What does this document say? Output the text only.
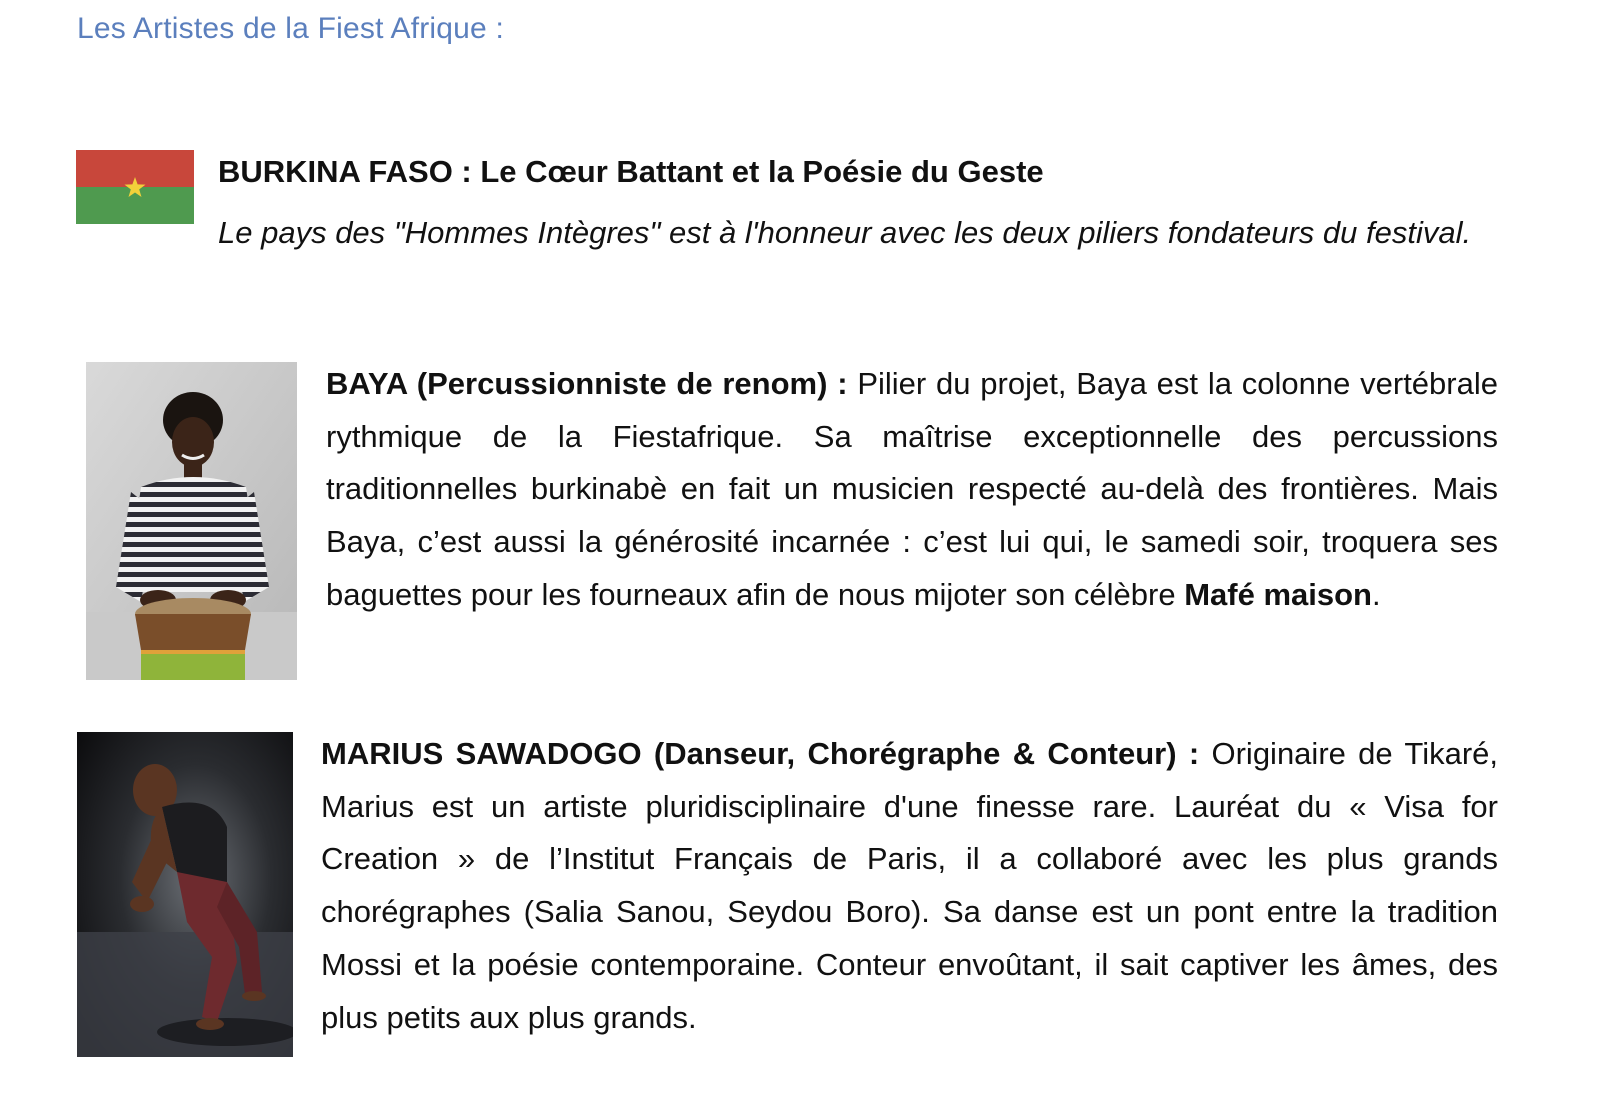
Les Artistes de la Fiest Afrique :
BURKINA FASO : Le Cœur Battant et la Poésie du Geste
Le pays des "Hommes Intègres" est à l'honneur avec les deux piliers fondateurs du festival.
BAYA (Percussionniste de renom) : Pilier du projet, Baya est la colonne vertébrale rythmique de la Fiestafrique. Sa maîtrise exceptionnelle des percussions traditionnelles burkinabè en fait un musicien respecté au-delà des frontières. Mais Baya, c’est aussi la générosité incarnée : c’est lui qui, le samedi soir, troquera ses baguettes pour les fourneaux afin de nous mijoter son célèbre Mafé maison.
MARIUS SAWADOGO (Danseur, Chorégraphe & Conteur) : Originaire de Tikaré, Marius est un artiste pluridisciplinaire d'une finesse rare. Lauréat du « Visa for Creation » de l’Institut Français de Paris, il a collaboré avec les plus grands chorégraphes (Salia Sanou, Seydou Boro). Sa danse est un pont entre la tradition Mossi et la poésie contemporaine. Conteur envoûtant, il sait captiver les âmes, des plus petits aux plus grands.
